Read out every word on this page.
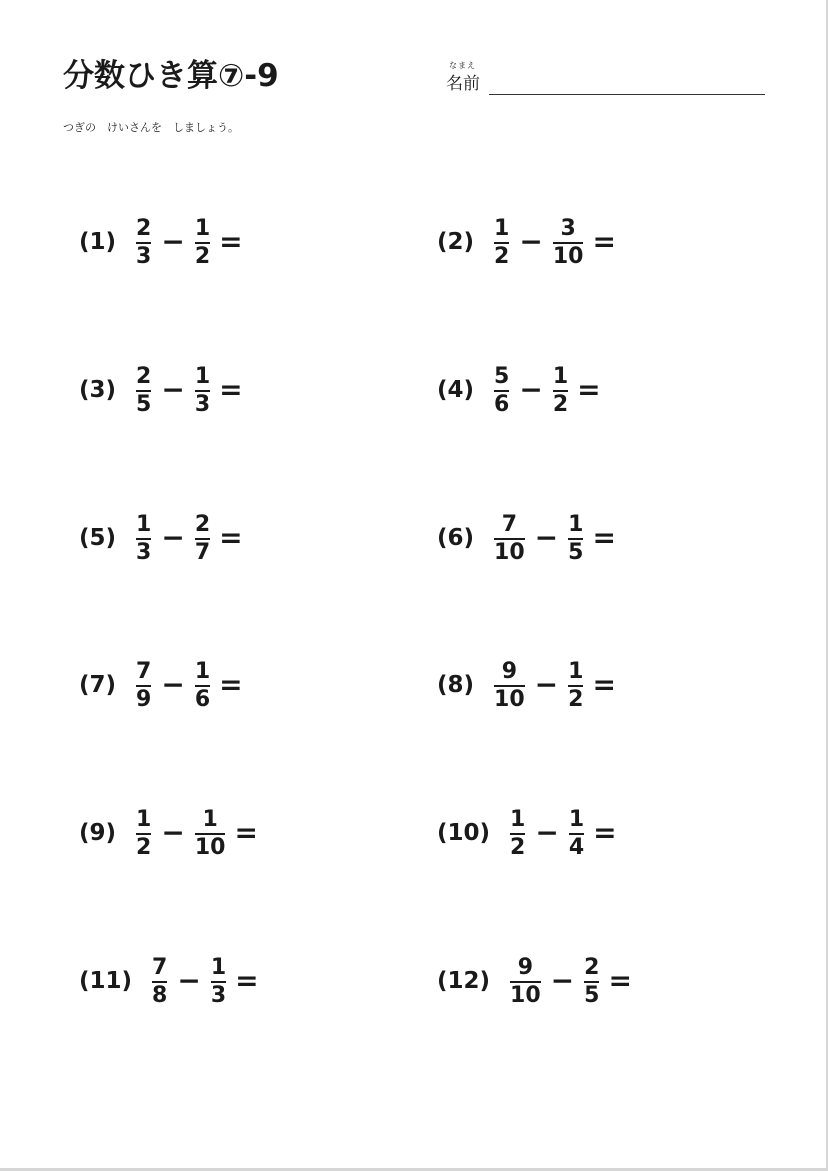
分数ひき算⑦-9	なまえ
名前
つぎの　けいさんを　しましょう。
$(1) \frac{2}{3} - \frac{1}{2}$ =	$(2) \frac{1}{2} - \frac{3}{10}$ =
$(3) \frac{2}{5} - \frac{1}{3}$ =	$(4) \frac{5}{6} - \frac{1}{2}$ =
$(5) \frac{1}{3} - \frac{2}{7}$ =	$(6) \frac{7}{10} - \frac{1}{5}$ =
$(7) \frac{7}{9} - \frac{1}{6}$ =	$(8) \frac{9}{10} - \frac{1}{2}$ =
$(9) \frac{1}{2} - \frac{1}{10}$ =	$(10) \frac{1}{2} - \frac{1}{4}$ =
$(11) \frac{7}{8} - \frac{1}{3}$ =	$(12) \frac{9}{10} - \frac{2}{5}$ =
